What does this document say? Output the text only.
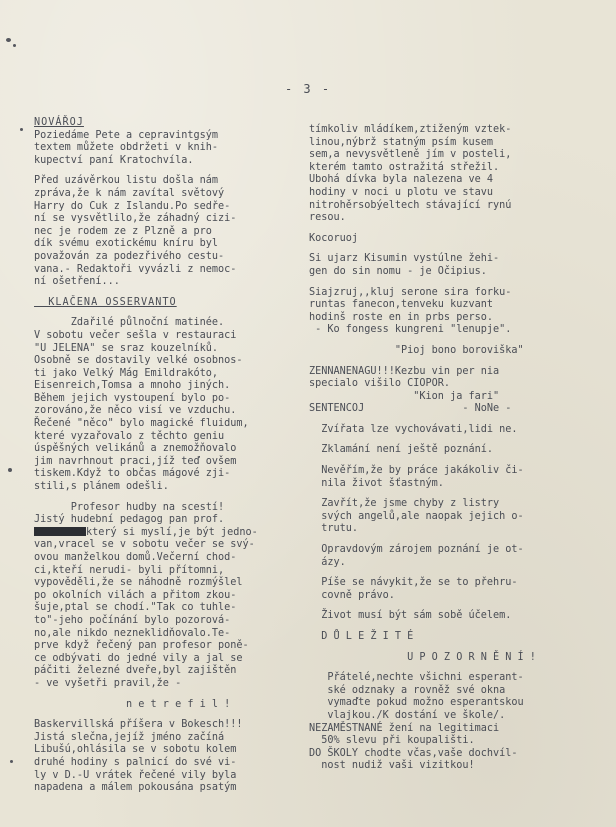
- 3 -

NOVÁŘOJ

Poziedáme Pete a cepravintgsým

textem můžete obdržeti v knih-

kupectví paní Kratochvíla.

Před uzávěrkou listu došla nám

zpráva,že k nám zavítal světový

Harry do Cuk z Islandu.Po sedře-

ní se vysvětlilo,že záhadný cizi-

nec je rodem ze z Plzně a pro

dík svému exotickému kníru byl

považován za podezřivého cestu-

vana.- Redaktoři vyvázli z nemoc-

ní ošetření...

KLAČENA OSSERVANTO

Zdařilé půlnoční matinée.

V sobotu večer sešla v restauraci

"U JELENA" se sraz kouzelníků.

Osobně se dostavily velké osobnos-

ti jako Velký Mág Emildrakóto,

Eisenreich,Tomsa a mnoho jiných.

Během jejich vystoupení bylo po-

zorováno,že něco visí ve vzduchu.

Řečené "něco" bylo magické fluidum,

které vyzařovalo z těchto geniu

úspěšných velikánů a znemožňovalo

jim navrhnout praci,jíž teď ovšem

tiskem.Když to občas mágové zji-

stili,s plánem odešli.

Profesor hudby na scestí!

Jistý hudební pedagog pan prof.

který si myslí,je být jedno-

van,vracel se v sobotu večer se svý-

ovou manželkou domů.Večerní chod-

ci,kteří nerudi- byli přítomni,

vypověděli,že se náhodně rozmýšlel

po okolních vilách a přitom zkou-

šuje,ptal se chodí."Tak co tuhle-

to"-jeho počínání bylo pozorová-

no,ale nikdo nezneklidňovalo.Te-

prve když řečený pan profesor poně-

ce odbývati do jedné vily a jal se

páčiti železné dveře,byl zajištěn

- ve vyšetři pravil,že -

n e t r e f i l !

Baskervillská příšera v Bokesch!!!

Jistá slečna,jejíž jméno začíná

Libušú,ohlásila se v sobotu kolem

druhé hodiny s palnicí do své vi-

ly v D.-U vrátek řečené vily byla

napadena a málem pokousána psatým

tímkoliv mládíkem,ztiženým vztek-

linou,nýbrž statným psím kusem

sem,a nevysvětleně jím v posteli,

kterém tamto ostražitá střežil.

Ubohá dívka byla nalezena ve 4

hodiny v noci u plotu ve stavu

nitrohěrsobýeltech stávající rynú

resou.

Kocoruoj

Si ujarz Kisumin vystúlne žehi-

gen do sin nomu - je Očipius.

Siajzruj,,kluj serone sira forku-

runtas fanecon,tenveku kuzvant

hodinš roste en in prbs perso.

- Ko fongess kungreni "lenupje".

"Pioj bono boroviška"

ZENNANENAGU!!!Kezbu vin per nia

specialo višilo CIOPOR.

"Kion ja fari"

SENTENCOJ                - NoNe -

Zvířata lze vychovávati,lidi ne.

Zklamání není ještě poznání.

Nevěřím,že by práce jakákoliv či-

nila život šťastným.

Zavřít,že jsme chyby z listry

svých angelů,ale naopak jejich o-

trutu.

Opravdovým zárojem poznání je ot-

ázy.

Píše se návykit,že se to přehru-

covně právo.

Život musí být sám sobě účelem.

D Ů L E Ž I T É

U P O Z O R N Ě N Í !

Přátelé,nechte všichni esperant-

ské odznaky a rovněž své okna

vymaďte pokud možno esperantskou

vlajkou./K dostání ve škole/.

NEZAMĚSTNANÉ žení na legitimaci

50% slevu při koupališti.

DO ŠKOLY chodte včas,vaše dochvíl-

nost nudiž vaši vizitkou!
